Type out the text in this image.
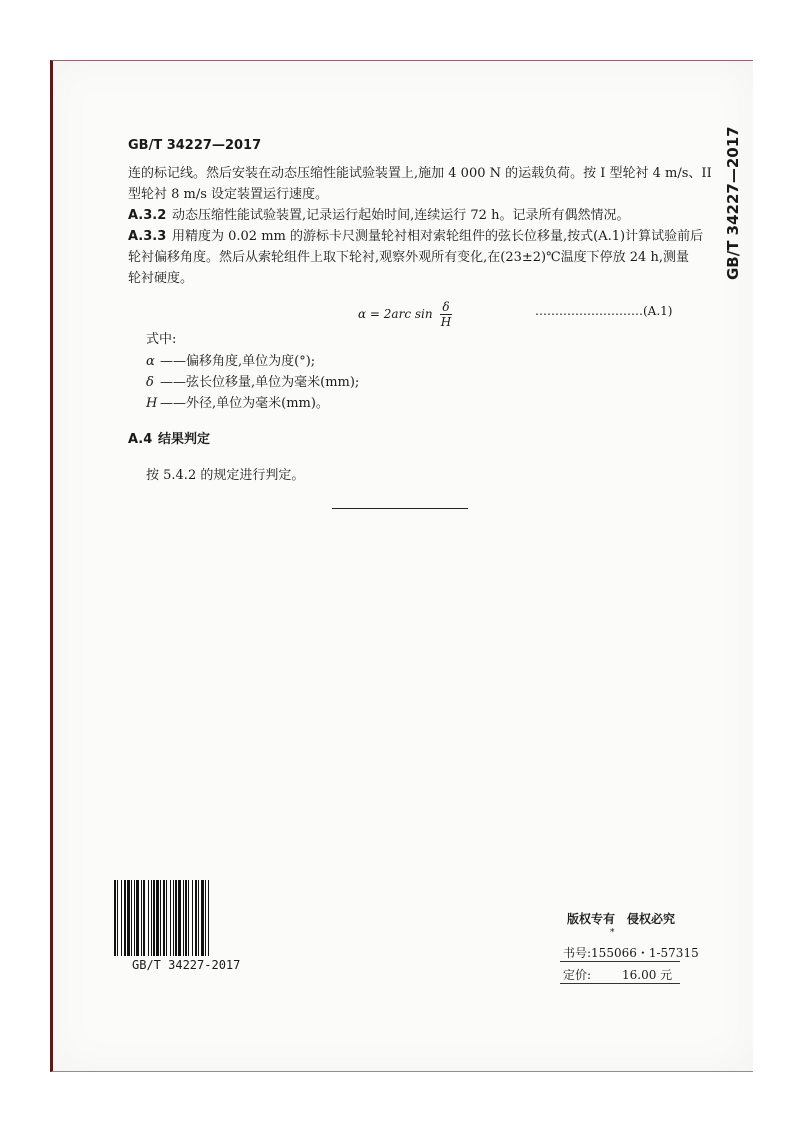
GB/T 34227—2017	GB/T 34227—2017
连的标记线。然后安装在动态压缩性能试验装置上,施加 4 000 N 的运载负荷。按 I 型轮衬 4 m/s、II
型轮衬 8 m/s 设定装置运行速度。
A.3.2 动态压缩性能试验装置,记录运行起始时间,连续运行 72 h。记录所有偶然情况。
A.3.3 用精度为 0.02 mm 的游标卡尺测量轮衬相对索轮组件的弦长位移量,按式(A.1)计算试验前后
轮衬偏移角度。然后从索轮组件上取下轮衬,观察外观所有变化,在(23±2)℃温度下停放 24 h,测量
轮衬硬度。
α = 2arc $\sin \frac{\delta}{H}$	………………………(A.1)
式中:
α ——偏移角度,单位为度(°);
δ ——弦长位移量,单位为毫米(mm);
H ——外径,单位为毫米(mm)。
A.4 结果判定
按 5.4.2 的规定进行判定。
GB/T 34227-2017
版权专有　侵权必究
*
书号:155066・1-57315
定价:	16.00 元
